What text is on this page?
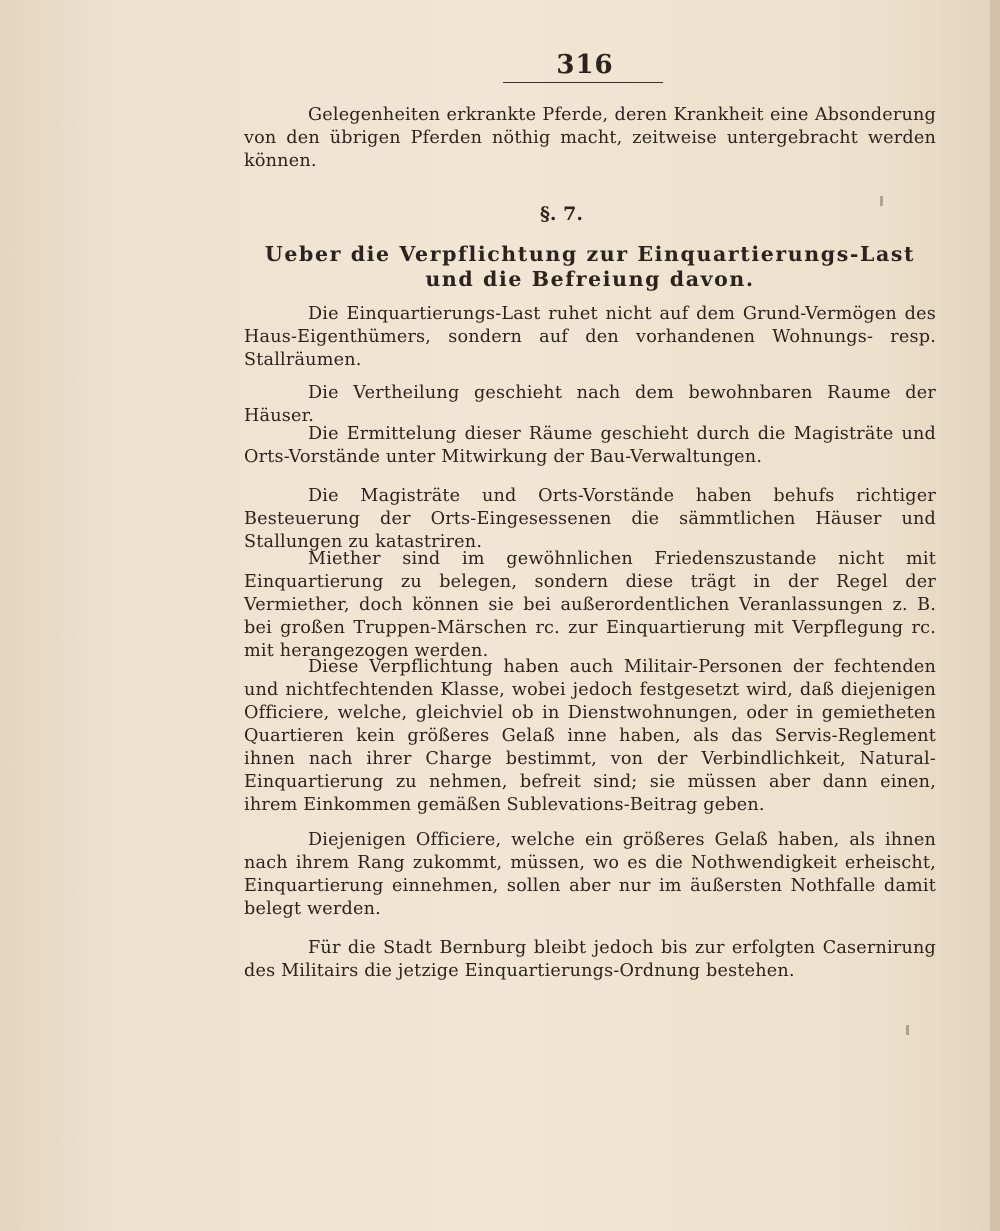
316
Gelegenheiten erkrankte Pferde, deren Krankheit eine Absonderung von den übrigen Pferden nöthig macht, zeitweise untergebracht werden können.
§. 7.
Ueber die Verpflichtung zur Einquartierungs-Last und die Befreiung davon.
Die Einquartierungs-Last ruhet nicht auf dem Grund-Vermögen des Haus-Eigenthümers, sondern auf den vorhandenen Wohnungs- resp. Stallräumen.
Die Vertheilung geschieht nach dem bewohnbaren Raume der Häuser.
Die Ermittelung dieser Räume geschieht durch die Magisträte und Orts-Vorstände unter Mitwirkung der Bau-Verwaltungen.
Die Magisträte und Orts-Vorstände haben behufs richtiger Besteuerung der Orts-Eingesessenen die sämmtlichen Häuser und Stallungen zu katastriren.
Miether sind im gewöhnlichen Friedenszustande nicht mit Einquartierung zu belegen, sondern diese trägt in der Regel der Vermiether, doch können sie bei außerordentlichen Veranlassungen z. B. bei großen Truppen-Märschen rc. zur Einquartierung mit Verpflegung rc. mit herangezogen werden.
Diese Verpflichtung haben auch Militair-Personen der fechtenden und nichtfechtenden Klasse, wobei jedoch festgesetzt wird, daß diejenigen Officiere, welche, gleichviel ob in Dienstwohnungen, oder in gemietheten Quartieren kein größeres Gelaß inne haben, als das Servis-Reglement ihnen nach ihrer Charge bestimmt, von der Verbindlichkeit, Natural-Einquartierung zu nehmen, befreit sind; sie müssen aber dann einen, ihrem Einkommen gemäßen Sublevations-Beitrag geben.
Diejenigen Officiere, welche ein größeres Gelaß haben, als ihnen nach ihrem Rang zukommt, müssen, wo es die Nothwendigkeit erheischt, Einquartierung einnehmen, sollen aber nur im äußersten Nothfalle damit belegt werden.
Für die Stadt Bernburg bleibt jedoch bis zur erfolgten Casernirung des Militairs die jetzige Einquartierungs-Ordnung bestehen.
